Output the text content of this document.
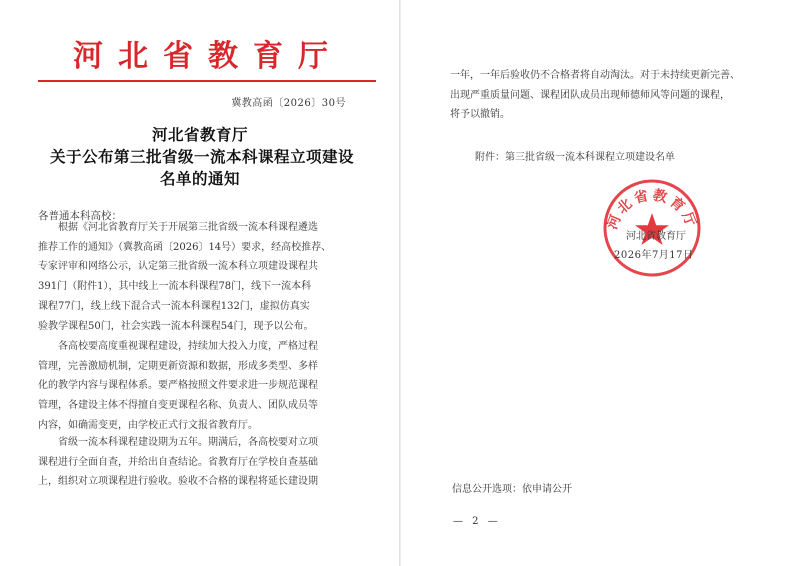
河北省教育厅
冀教高函〔2026〕30号
河北省教育厅
关于公布第三批省级一流本科课程立项建设
名单的通知
各普通本科高校：
根据《河北省教育厅关于开展第三批省级一流本科课程遴选
推荐工作的通知》（冀教高函〔2026〕14号）要求，经高校推荐、
专家评审和网络公示，认定第三批省级一流本科立项建设课程共
391门（附件1），其中线上一流本科课程78门，线下一流本科
课程77门，线上线下混合式一流本科课程132门，虚拟仿真实
验教学课程50门，社会实践一流本科课程54门，现予以公布。
各高校要高度重视课程建设，持续加大投入力度，严格过程
管理，完善激励机制，定期更新资源和数据，形成多类型、多样
化的教学内容与课程体系。要严格按照文件要求进一步规范课程
管理，各建设主体不得擅自变更课程名称、负责人、团队成员等
内容，如确需变更，由学校正式行文报省教育厅。
省级一流本科课程建设期为五年。期满后，各高校要对立项
课程进行全面自查，并给出自查结论。省教育厅在学校自查基础
上，组织对立项课程进行验收。验收不合格的课程将延长建设期
一年，一年后验收仍不合格者将自动淘汰。对于未持续更新完善、
出现严重质量问题、课程团队成员出现师德师风等问题的课程，
将予以撤销。
附件：第三批省级一流本科课程立项建设名单
河北省教育厅
河北省教育厅
2026年7月17日
信息公开选项：依申请公开
— 2 —
